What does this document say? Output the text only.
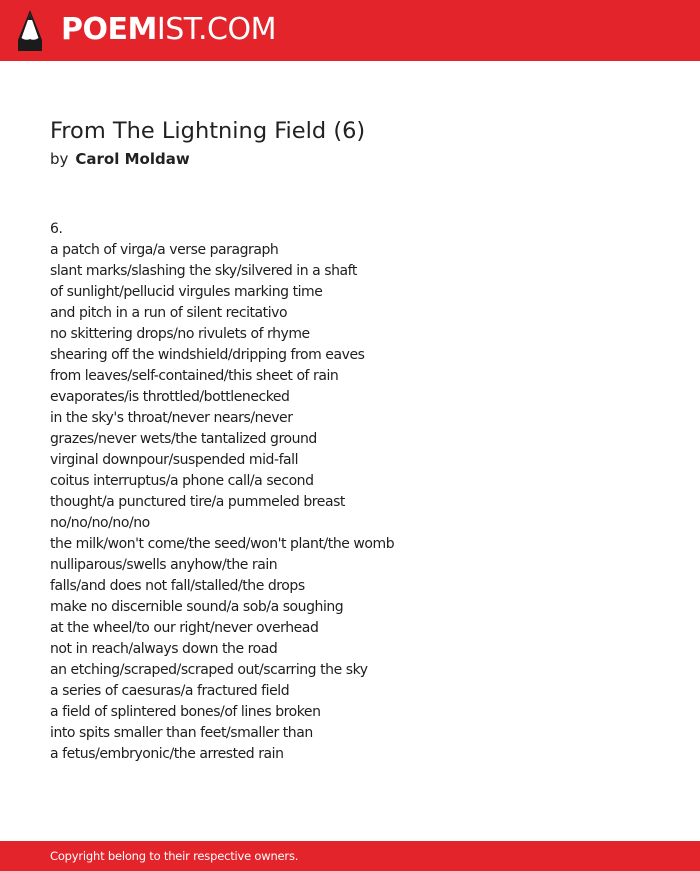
POEMIST.COM
From The Lightning Field (6)
by Carol Moldaw
6.
a patch of virga/a verse paragraph
slant marks/slashing the sky/silvered in a shaft
of sunlight/pellucid virgules marking time
and pitch in a run of silent recitativo
no skittering drops/no rivulets of rhyme
shearing off the windshield/dripping from eaves
from leaves/self-contained/this sheet of rain
evaporates/is throttled/bottlenecked
in the sky's throat/never nears/never
grazes/never wets/the tantalized ground
virginal downpour/suspended mid-fall
coitus interruptus/a phone call/a second
thought/a punctured tire/a pummeled breast
no/no/no/no/no
the milk/won't come/the seed/won't plant/the womb
nulliparous/swells anyhow/the rain
falls/and does not fall/stalled/the drops
make no discernible sound/a sob/a soughing
at the wheel/to our right/never overhead
not in reach/always down the road
an etching/scraped/scraped out/scarring the sky
a series of caesuras/a fractured field
a field of splintered bones/of lines broken
into spits smaller than feet/smaller than
a fetus/embryonic/the arrested rain
Copyright belong to their respective owners.
